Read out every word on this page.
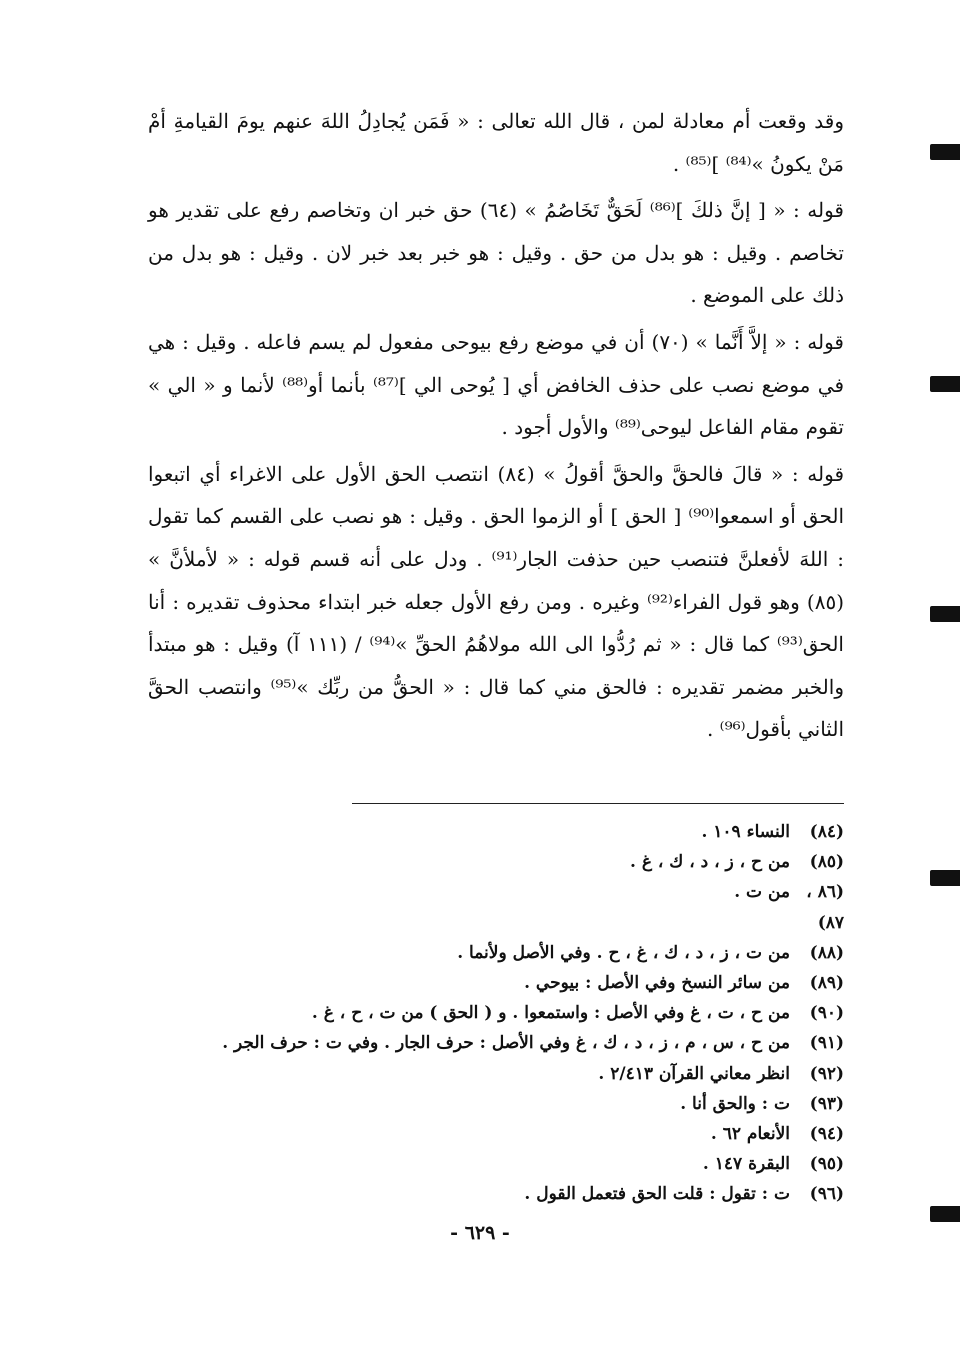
وقد وقعت أم معادلة لمن ، قال الله تعالى : « فَمَن يُجادِلُ اللهَ عنهم يومَ القيامةِ أمْ مَنْ يكونُ »⁽⁸⁴⁾ ]⁽⁸⁵⁾ .

قوله : « [ إنَّ ذلكَ ]⁽⁸⁶⁾ لَحَقٌّ تَخَاصُمُ » (٦٤) حق خبر ان وتخاصم رفع على تقدير هو تخاصم . وقيل : هو بدل من حق . وقيل : هو خبر بعد خبر لان . وقيل : هو بدل من ذلك على الموضع .

قوله : « إلاَّ أَنَّما » (٧٠) أن في موضع رفع بيوحى مفعول لم يسم فاعله . وقيل : هي في موضع نصب على حذف الخافض أي [ يُوحى الي ]⁽⁸⁷⁾ بأنما أو⁽⁸⁸⁾ لأنما و « الي » تقوم مقام الفاعل ليوحى⁽⁸⁹⁾ والأول أجود .

قوله : « قالَ فالحقَّ والحقَّ أقولُ » (٨٤) انتصب الحق الأول على الاغراء أي اتبعوا الحق أو اسمعوا⁽⁹⁰⁾ [ الحق ] أو الزموا الحق . وقيل : هو نصب على القسم كما تقول : اللهَ لأفعلنَّ فتنصب حين حذفت الجار⁽⁹¹⁾ . ودل على أنه قسم قوله : « لأملأنَّ » (٨٥) وهو قول الفراء⁽⁹²⁾ وغيره . ومن رفع الأول جعله خبر ابتداء محذوف تقديره : أنا الحق⁽⁹³⁾ كما قال : « ثم رُدُّوا الى الله مولاهُمُ الحقِّ »⁽⁹⁴⁾ / (١١١ آ) وقيل : هو مبتدأ والخبر مضمر تقديره : فالحق مني كما قال : « الحقُّ من ربِّك »⁽⁹⁵⁾ وانتصب الحقَّ الثاني بأقول⁽⁹⁶⁾ .

(٨٤)
النساء ١٠٩ .
(٨٥)
من ح ، ز ، د ، ك ، غ .
(٨٦ ، ٨٧)
من ت .
(٨٨)
من ت ، ز ، د ، ك ، غ ، ح . وفي الأصل ولأنما .
(٨٩)
من سائر النسخ وفي الأصل : بيوحي .
(٩٠)
من ح ، ت ، غ وفي الأصل : واستمعوا . و ( الحق ) من ت ، ح ، غ .
(٩١)
من ح ، س ، م ، ز ، د ، ك ، غ وفي الأصل : حرف الجار . وفي ت : حرف الجر .
(٩٢)
انظر معاني القرآن ٢/٤١٣ .
(٩٣)
ت : والحق أنا .
(٩٤)
الأنعام ٦٢ .
(٩٥)
البقرة ١٤٧ .
(٩٦)
ت : تقول : قلت الحق فتعمل القول .
- ٦٢٩ -
